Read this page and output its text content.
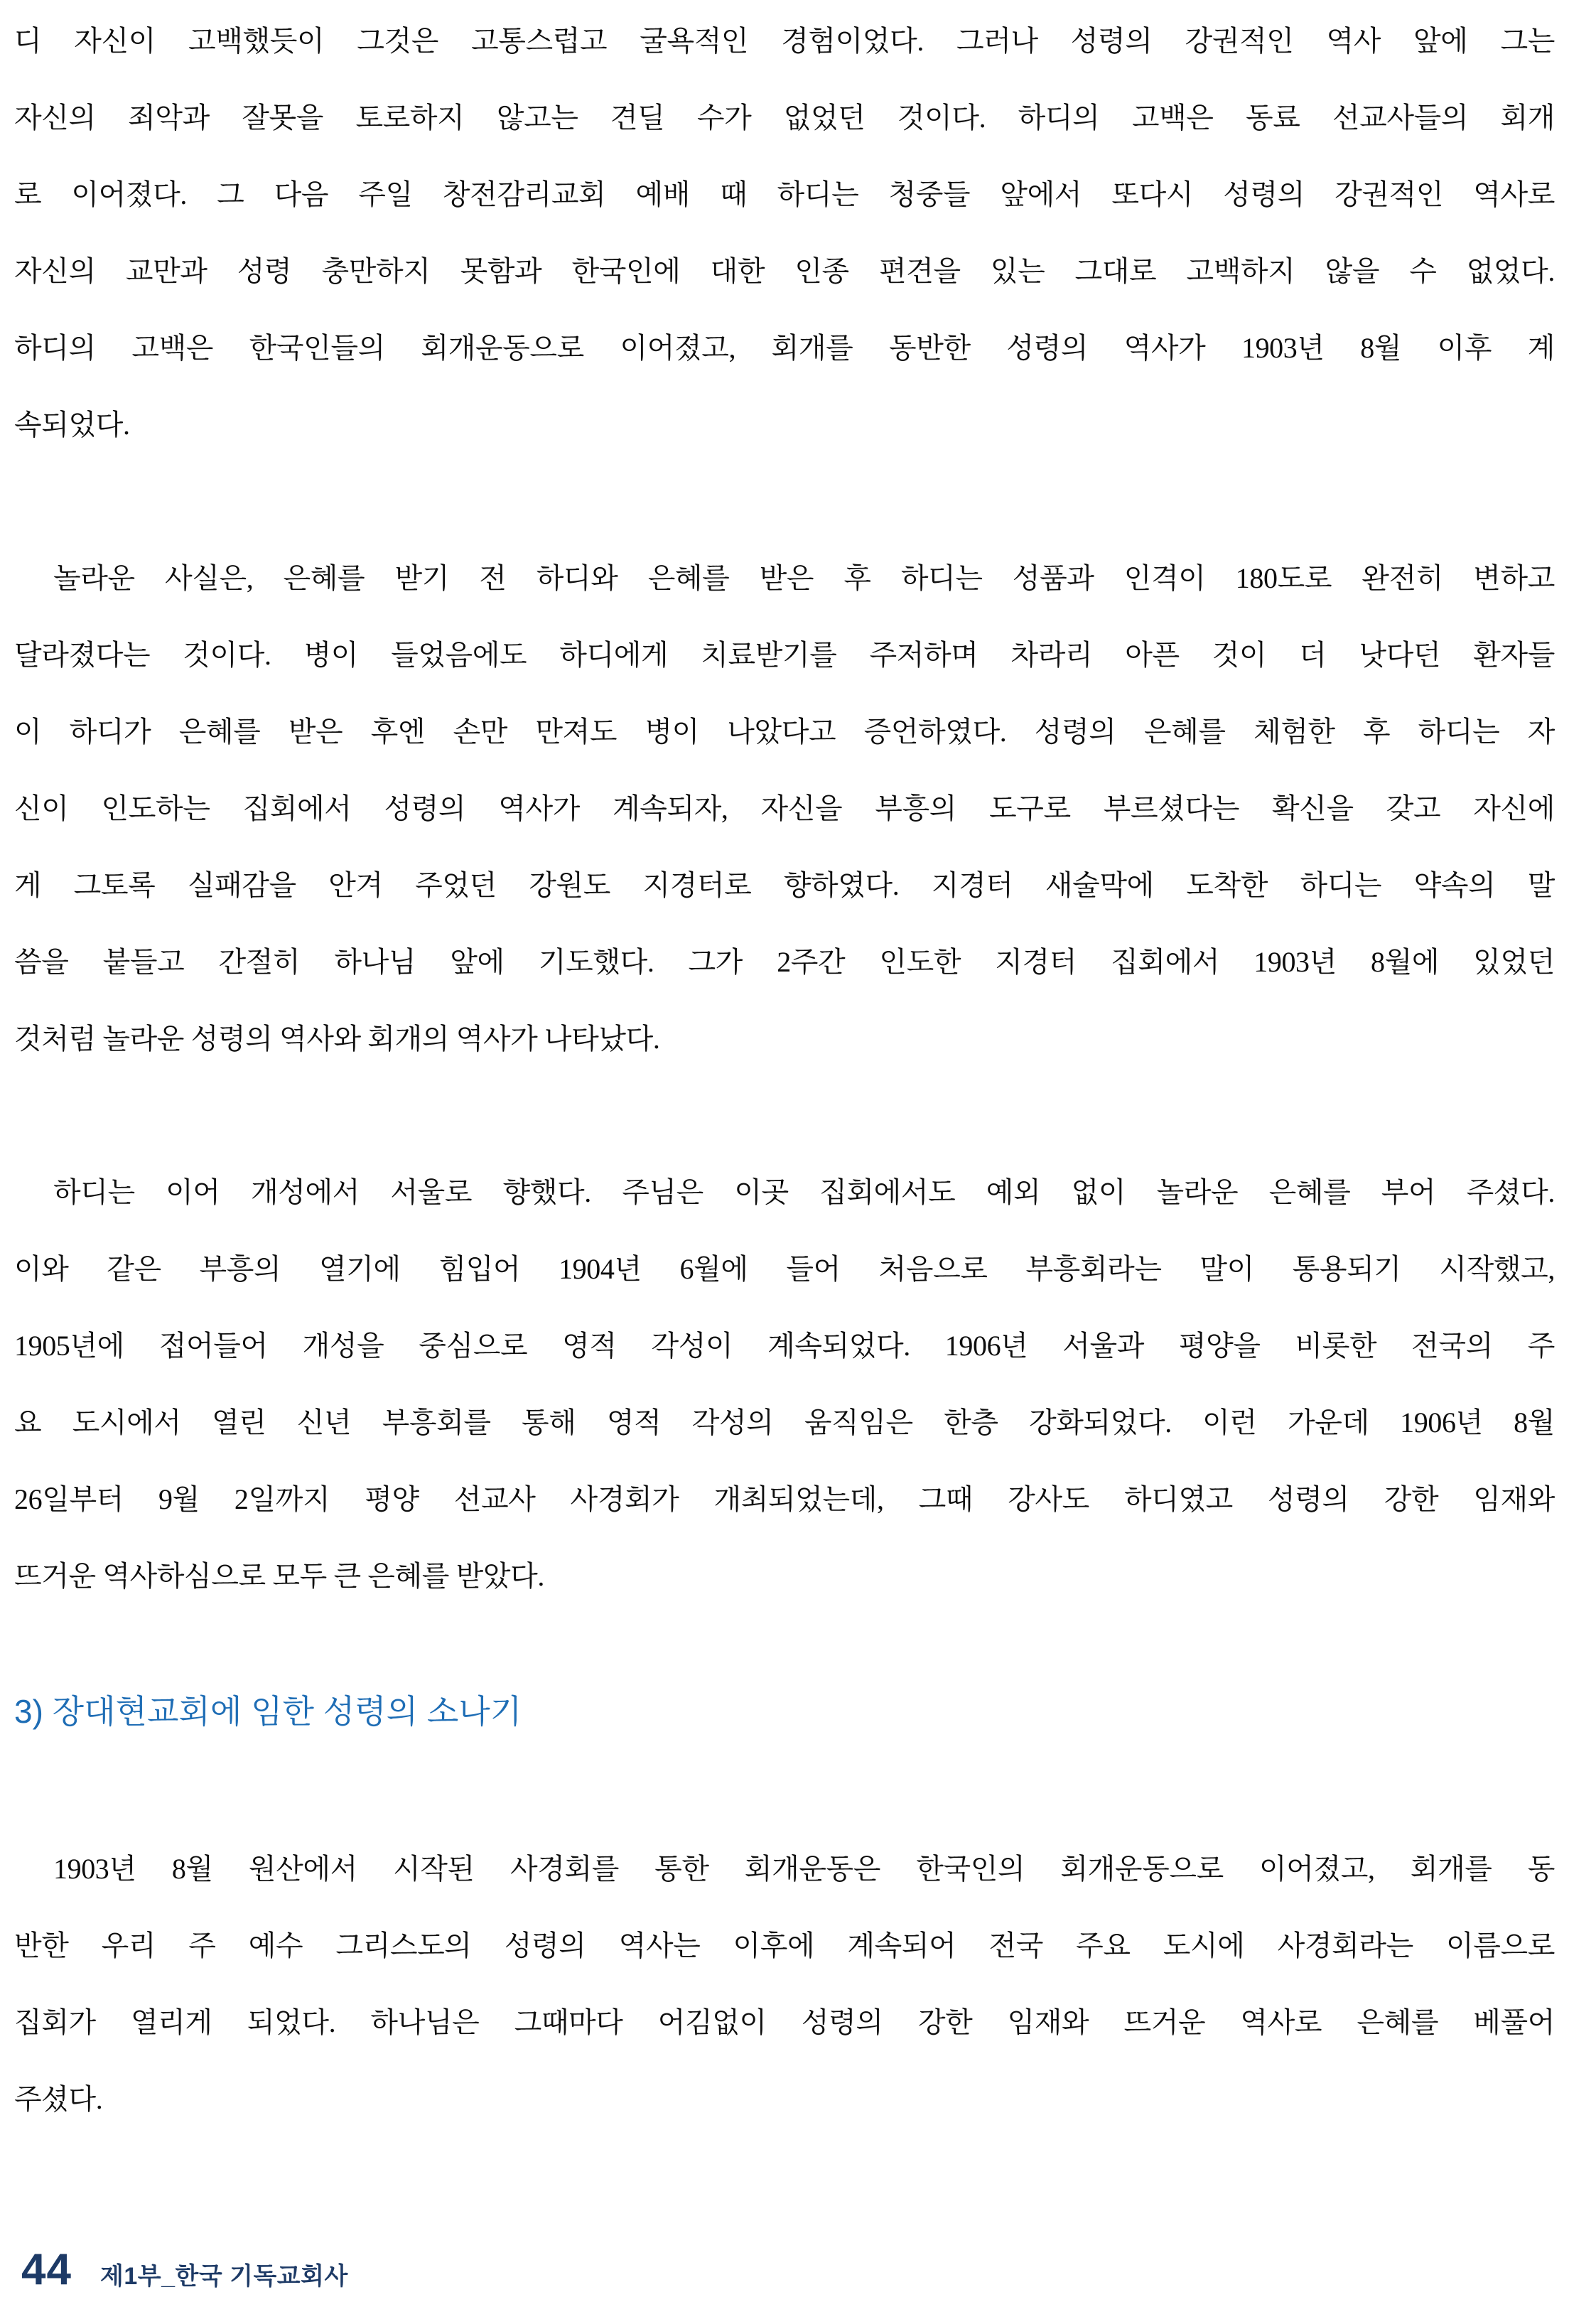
디 자신이 고백했듯이 그것은 고통스럽고 굴욕적인 경험이었다. 그러나 성령의 강권적인 역사 앞에 그는
자신의 죄악과 잘못을 토로하지 않고는 견딜 수가 없었던 것이다. 하디의 고백은 동료 선교사들의 회개
로 이어졌다. 그 다음 주일 창전감리교회 예배 때 하디는 청중들 앞에서 또다시 성령의 강권적인 역사로
자신의 교만과 성령 충만하지 못함과 한국인에 대한 인종 편견을 있는 그대로 고백하지 않을 수 없었다.
하디의 고백은 한국인들의 회개운동으로 이어졌고, 회개를 동반한 성령의 역사가 1903년 8월 이후 계
속되었다.
놀라운 사실은, 은혜를 받기 전 하디와 은혜를 받은 후 하디는 성품과 인격이 180도로 완전히 변하고
달라졌다는 것이다. 병이 들었음에도 하디에게 치료받기를 주저하며 차라리 아픈 것이 더 낫다던 환자들
이 하디가 은혜를 받은 후엔 손만 만져도 병이 나았다고 증언하였다. 성령의 은혜를 체험한 후 하디는 자
신이 인도하는 집회에서 성령의 역사가 계속되자, 자신을 부흥의 도구로 부르셨다는 확신을 갖고 자신에
게 그토록 실패감을 안겨 주었던 강원도 지경터로 향하였다. 지경터 새술막에 도착한 하디는 약속의 말
씀을 붙들고 간절히 하나님 앞에 기도했다. 그가 2주간 인도한 지경터 집회에서 1903년 8월에 있었던
것처럼 놀라운 성령의 역사와 회개의 역사가 나타났다.
하디는 이어 개성에서 서울로 향했다. 주님은 이곳 집회에서도 예외 없이 놀라운 은혜를 부어 주셨다.
이와 같은 부흥의 열기에 힘입어 1904년 6월에 들어 처음으로 부흥회라는 말이 통용되기 시작했고,
1905년에 접어들어 개성을 중심으로 영적 각성이 계속되었다. 1906년 서울과 평양을 비롯한 전국의 주
요 도시에서 열린 신년 부흥회를 통해 영적 각성의 움직임은 한층 강화되었다. 이런 가운데 1906년 8월
26일부터 9월 2일까지 평양 선교사 사경회가 개최되었는데, 그때 강사도 하디였고 성령의 강한 임재와
뜨거운 역사하심으로 모두 큰 은혜를 받았다.
3) 장대현교회에 임한 성령의 소나기
1903년 8월 원산에서 시작된 사경회를 통한 회개운동은 한국인의 회개운동으로 이어졌고, 회개를 동
반한 우리 주 예수 그리스도의 성령의 역사는 이후에 계속되어 전국 주요 도시에 사경회라는 이름으로
집회가 열리게 되었다. 하나님은 그때마다 어김없이 성령의 강한 임재와 뜨거운 역사로 은혜를 베풀어
주셨다.
44 제1부_한국 기독교회사
